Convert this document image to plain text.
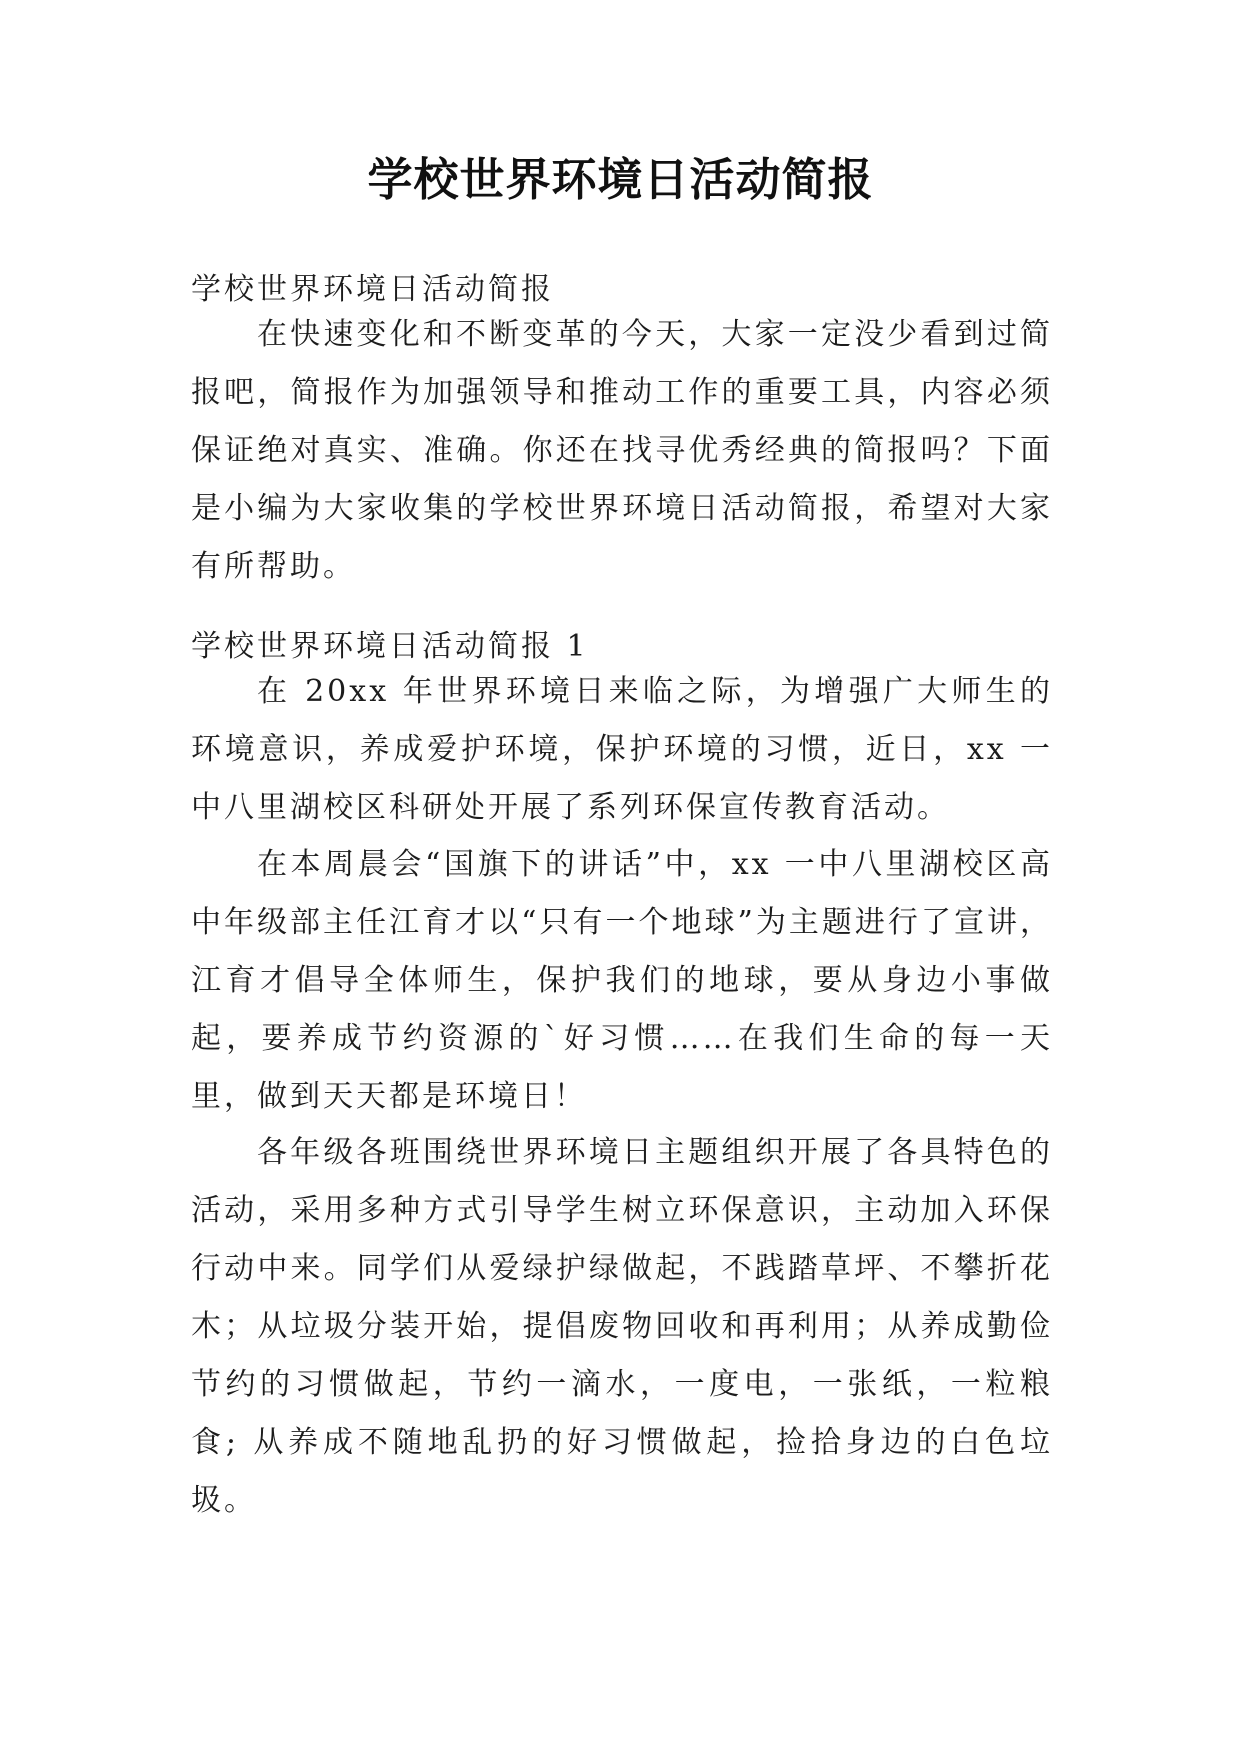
学校世界环境日活动简报

学校世界环境日活动简报

在快速变化和不断变革的今天，大家一定没少看到过简报吧，简报作为加强领导和推动工作的重要工具，内容必须保证绝对真实、准确。你还在找寻优秀经典的简报吗？下面是小编为大家收集的学校世界环境日活动简报，希望对大家有所帮助。

学校世界环境日活动简报 1

在 20xx 年世界环境日来临之际，为增强广大师生的环境意识，养成爱护环境，保护环境的习惯，近日，xx 一中八里湖校区科研处开展了系列环保宣传教育活动。

在本周晨会“国旗下的讲话”中，xx 一中八里湖校区高中年级部主任江育才以“只有一个地球”为主题进行了宣讲，江育才倡导全体师生，保护我们的地球，要从身边小事做起，要养成节约资源的`好习惯……在我们生命的每一天里，做到天天都是环境日！

各年级各班围绕世界环境日主题组织开展了各具特色的活动，采用多种方式引导学生树立环保意识，主动加入环保行动中来。同学们从爱绿护绿做起，不践踏草坪、不攀折花木；从垃圾分装开始，提倡废物回收和再利用；从养成勤俭节约的习惯做起，节约一滴水，一度电，一张纸，一粒粮食; 从养成不随地乱扔的好习惯做起，捡拾身边的白色垃圾。
